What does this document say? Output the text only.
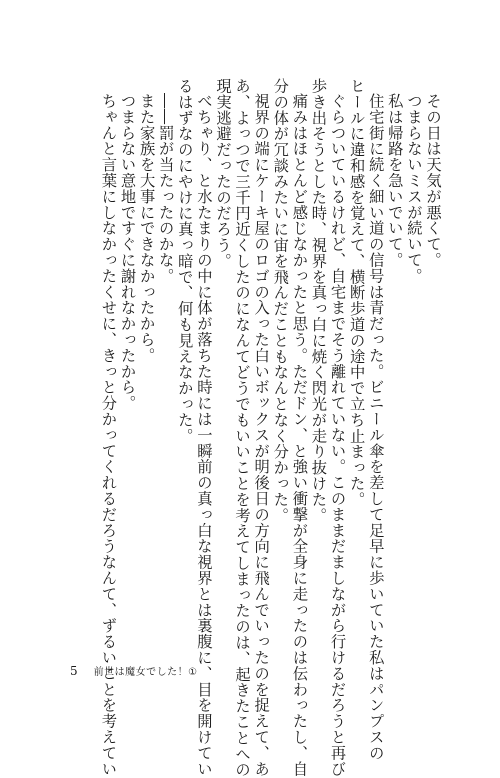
その日は天気が悪くて。

つまらないミスが続いて。

私は帰路を急いでいて。

住宅街に続く細い道の信号は青だった。ビニール傘を差して足早に歩いていた私はパンプスの

ヒールに違和感を覚えて、横断歩道の途中で立ち止まった。

ぐらついているけれど、自宅までそう離れていない。このままだましながら行けるだろうと再び

歩き出そうとした時、視界を真っ白に焼く閃光が走り抜けた。

痛みはほとんど感じなかったと思う。ただドン、と強い衝撃が全身に走ったのは伝わったし、自

分の体が冗談みたいに宙を飛んだこともなんとなく分かった。

視界の端にケーキ屋のロゴの入った白いボックスが明後日の方向に飛んでいったのを捉えて、あ

あ、よっつで三千円近くしたのになんてどうでもいいことを考えてしまったのは、起きたことへの

現実逃避だったのだろう。

べちゃり、と水たまりの中に体が落ちた時には一瞬前の真っ白な視界とは裏腹に、目を開けてい

るはずなのにやけに真っ暗で、何も見えなかった。

――罰が当たったのかな。

また家族を大事にできなかったから。

つまらない意地ですぐに謝れなかったから。

ちゃんと言葉にしなかったくせに、きっと分かってくれるだろうなんて、ずるいことを考えてい

5 前世は魔女でした！①
